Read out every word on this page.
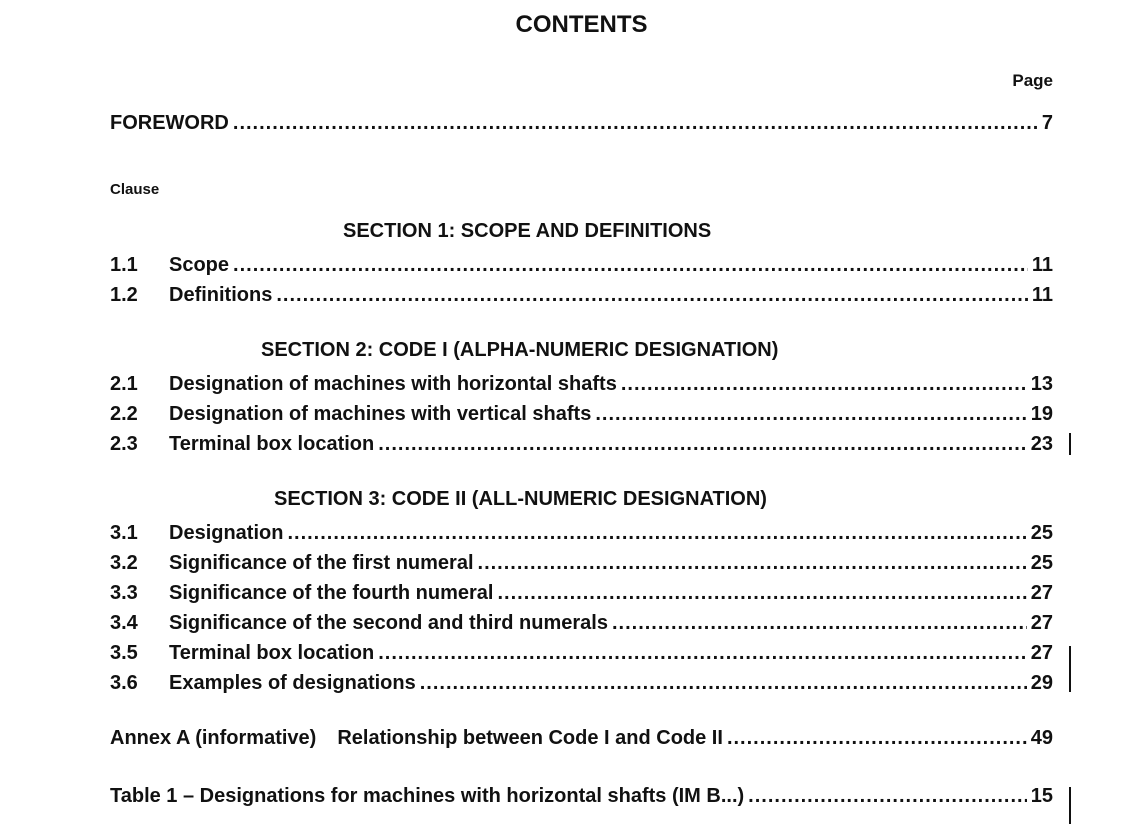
CONTENTS
Page
FOREWORD .....	7
Clause
SECTION 1: SCOPE AND DEFINITIONS
1.1	Scope .....	11
1.2	Definitions .....	11
SECTION 2: CODE I (ALPHA-NUMERIC DESIGNATION)
2.1	Designation of machines with horizontal shafts .....	13
2.2	Designation of machines with vertical shafts .....	19
2.3	Terminal box location .....	23
SECTION 3: CODE II (ALL-NUMERIC DESIGNATION)
3.1	Designation .....	25
3.2	Significance of the first numeral .....	25
3.3	Significance of the fourth numeral .....	27
3.4	Significance of the second and third numerals .....	27
3.5	Terminal box location .....	27
3.6	Examples of designations .....	29
Annex A (informative) Relationship between Code I and Code II .....	49
Table 1 – Designations for machines with horizontal shafts (IM B...) .....	15
